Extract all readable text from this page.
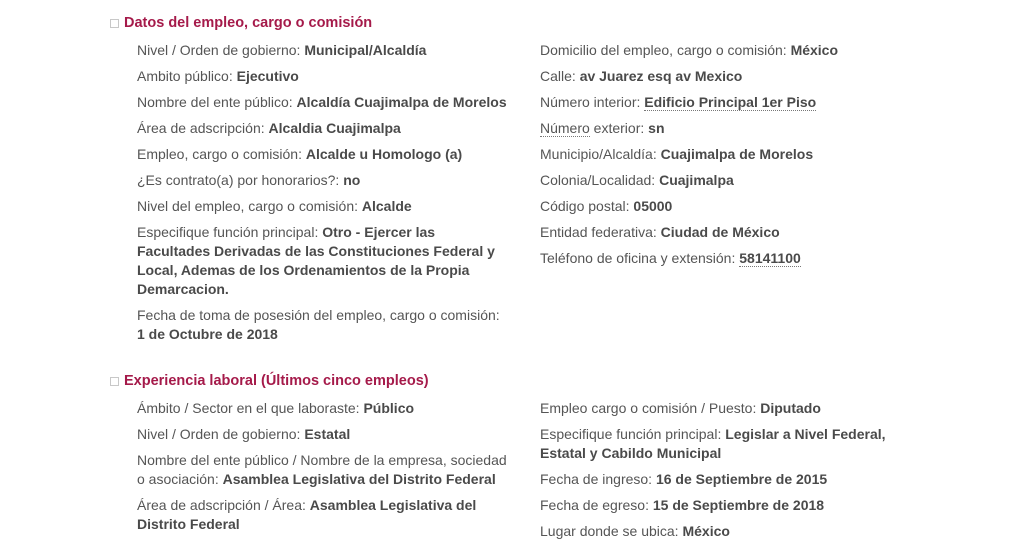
Datos del empleo, cargo o comisión
Nivel / Orden de gobierno: Municipal/Alcaldía
Ambito público: Ejecutivo
Nombre del ente público: Alcaldía Cuajimalpa de Morelos
Área de adscripción: Alcaldia Cuajimalpa
Empleo, cargo o comisión: Alcalde u Homologo (a)
¿Es contrato(a) por honorarios?: no
Nivel del empleo, cargo o comisión: Alcalde
Especifique función principal: Otro - Ejercer las Facultades Derivadas de las Constituciones Federal y Local, Ademas de los Ordenamientos de la Propia Demarcacion.
Fecha de toma de posesión del empleo, cargo o comisión:
1 de Octubre de 2018
Domicilio del empleo, cargo o comisión: México
Calle: av Juarez esq av Mexico
Número interior: Edificio Principal 1er Piso
Número exterior: sn
Municipio/Alcaldía: Cuajimalpa de Morelos
Colonia/Localidad: Cuajimalpa
Código postal: 05000
Entidad federativa: Ciudad de México
Teléfono de oficina y extensión: 58141100
Experiencia laboral (Últimos cinco empleos)
Ámbito / Sector en el que laboraste: Público
Nivel / Orden de gobierno: Estatal
Nombre del ente público / Nombre de la empresa, sociedad o asociación: Asamblea Legislativa del Distrito Federal
Área de adscripción / Área: Asamblea Legislativa del Distrito Federal
Empleo cargo o comisión / Puesto: Diputado
Especifique función principal: Legislar a Nivel Federal, Estatal y Cabildo Municipal
Fecha de ingreso: 16 de Septiembre de 2015
Fecha de egreso: 15 de Septiembre de 2018
Lugar donde se ubica: México
